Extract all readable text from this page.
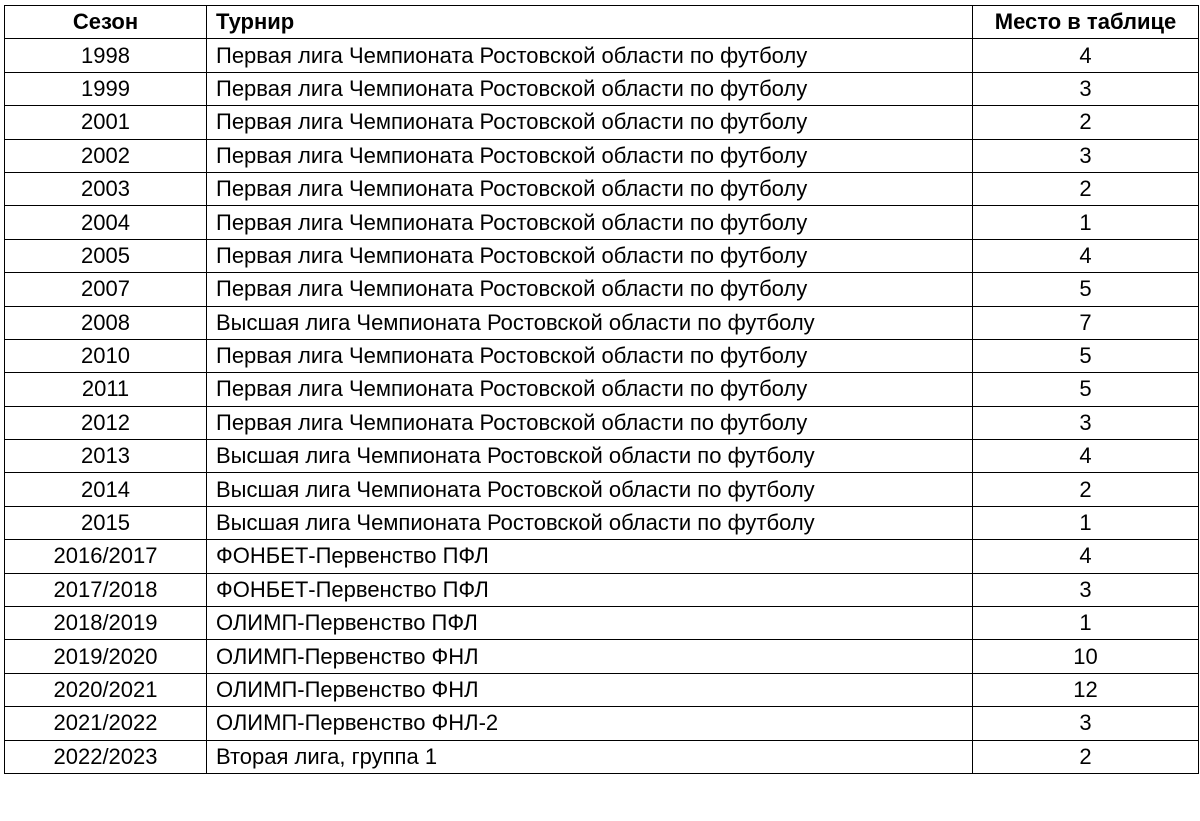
Сезон	Турнир	Место в таблице
1998	Первая лига Чемпионата Ростовской области по футболу	4
1999	Первая лига Чемпионата Ростовской области по футболу	3
2001	Первая лига Чемпионата Ростовской области по футболу	2
2002	Первая лига Чемпионата Ростовской области по футболу	3
2003	Первая лига Чемпионата Ростовской области по футболу	2
2004	Первая лига Чемпионата Ростовской области по футболу	1
2005	Первая лига Чемпионата Ростовской области по футболу	4
2007	Первая лига Чемпионата Ростовской области по футболу	5
2008	Высшая лига Чемпионата Ростовской области по футболу	7
2010	Первая лига Чемпионата Ростовской области по футболу	5
2011	Первая лига Чемпионата Ростовской области по футболу	5
2012	Первая лига Чемпионата Ростовской области по футболу	3
2013	Высшая лига Чемпионата Ростовской области по футболу	4
2014	Высшая лига Чемпионата Ростовской области по футболу	2
2015	Высшая лига Чемпионата Ростовской области по футболу	1
2016/2017	ФОНБЕТ-Первенство ПФЛ	4
2017/2018	ФОНБЕТ-Первенство ПФЛ	3
2018/2019	ОЛИМП-Первенство ПФЛ	1
2019/2020	ОЛИМП-Первенство ФНЛ	10
2020/2021	ОЛИМП-Первенство ФНЛ	12
2021/2022	ОЛИМП-Первенство ФНЛ-2	3
2022/2023	Вторая лига, группа 1	2
